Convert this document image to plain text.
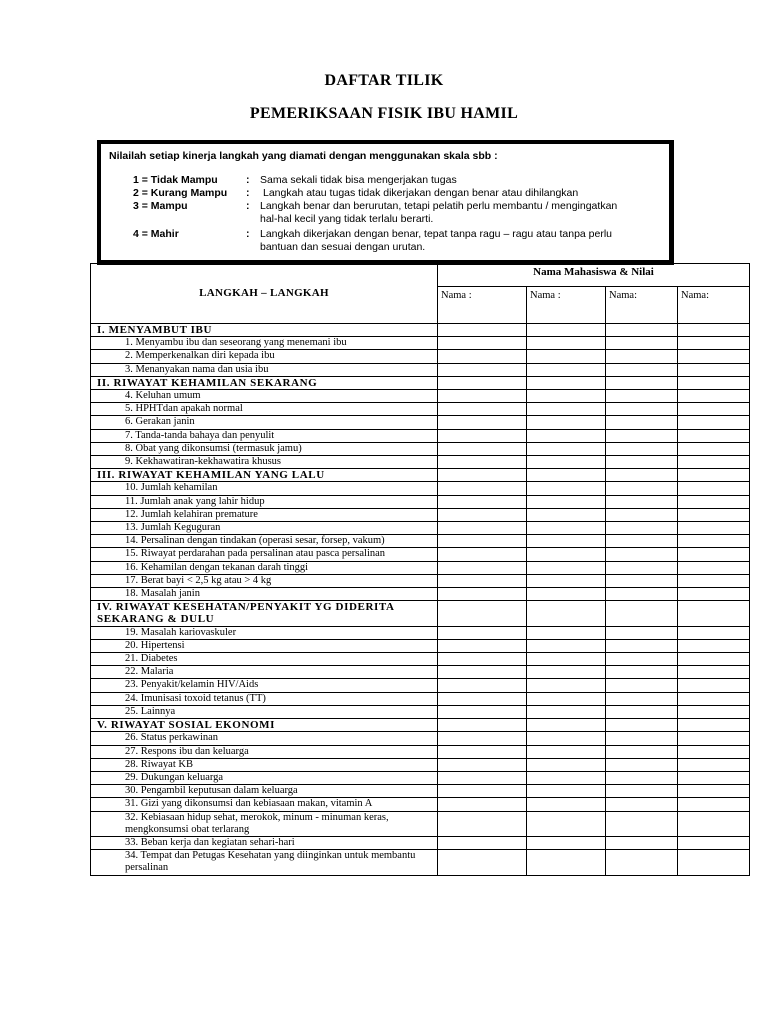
DAFTAR TILIK
PEMERIKSAAN FISIK IBU HAMIL
Nilailah setiap kinerja langkah yang diamati dengan menggunakan skala sbb :
1 = Tidak Mampu	: Sama sekali tidak bisa mengerjakan tugas
2 = Kurang Mampu : Langkah atau tugas tidak dikerjakan dengan benar atau dihilangkan
3 = Mampu	: Langkah benar dan berurutan, tetapi pelatih perlu membantu / mengingatkan hal-hal kecil yang tidak terlalu berarti.
4 = Mahir	: Langkah dikerjakan dengan benar, tepat tanpa ragu – ragu atau tanpa perlu bantuan dan sesuai dengan urutan.
LANGKAH – LANGKAH	Nama Mahasiswa & Nilai			
	Nama :	Nama :	Nama:	Nama:
I. MENYAMBUT IBU				
1. Menyambu ibu dan seseorang yang menemani ibu				
2. Memperkenalkan diri kepada ibu				
3. Menanyakan nama dan usia ibu				
II. RIWAYAT KEHAMILAN SEKARANG				
4. Keluhan umum				
5. HPHTdan apakah normal				
6. Gerakan janin				
7. Tanda-tanda bahaya dan penyulit				
8. Obat yang dikonsumsi (termasuk jamu)				
9. Kekhawatiran-kekhawatira khusus				
III. RIWAYAT KEHAMILAN YANG LALU				
10. Jumlah kehamilan				
11. Jumlah anak yang lahir hidup				
12. Jumlah kelahiran premature				
13. Jumlah Keguguran				
14. Persalinan dengan tindakan (operasi sesar, forsep, vakum)				
15. Riwayat perdarahan pada persalinan atau pasca persalinan				
16. Kehamilan dengan tekanan darah tinggi				
17. Berat bayi < 2,5 kg atau > 4 kg				
18. Masalah janin				
IV. RIWAYAT KESEHATAN/PENYAKIT YG DIDERITA SEKARANG & DULU				
19. Masalah kariovaskuler				
20. Hipertensi				
21. Diabetes				
22. Malaria				
23. Penyakit/kelamin HIV/Aids				
24. Imunisasi toxoid tetanus (TT)				
25. Lainnya				
V. RIWAYAT SOSIAL EKONOMI				
26. Status perkawinan				
27. Respons ibu dan keluarga				
28. Riwayat KB				
29. Dukungan keluarga				
30. Pengambil keputusan dalam keluarga				
31. Gizi yang dikonsumsi dan kebiasaan makan, vitamin A				
32. Kebiasaan hidup sehat, merokok, minum - minuman keras, mengkonsumsi obat terlarang				
33. Beban kerja dan kegiatan sehari-hari				
34. Tempat dan Petugas Kesehatan yang diinginkan untuk membantu persalinan				
